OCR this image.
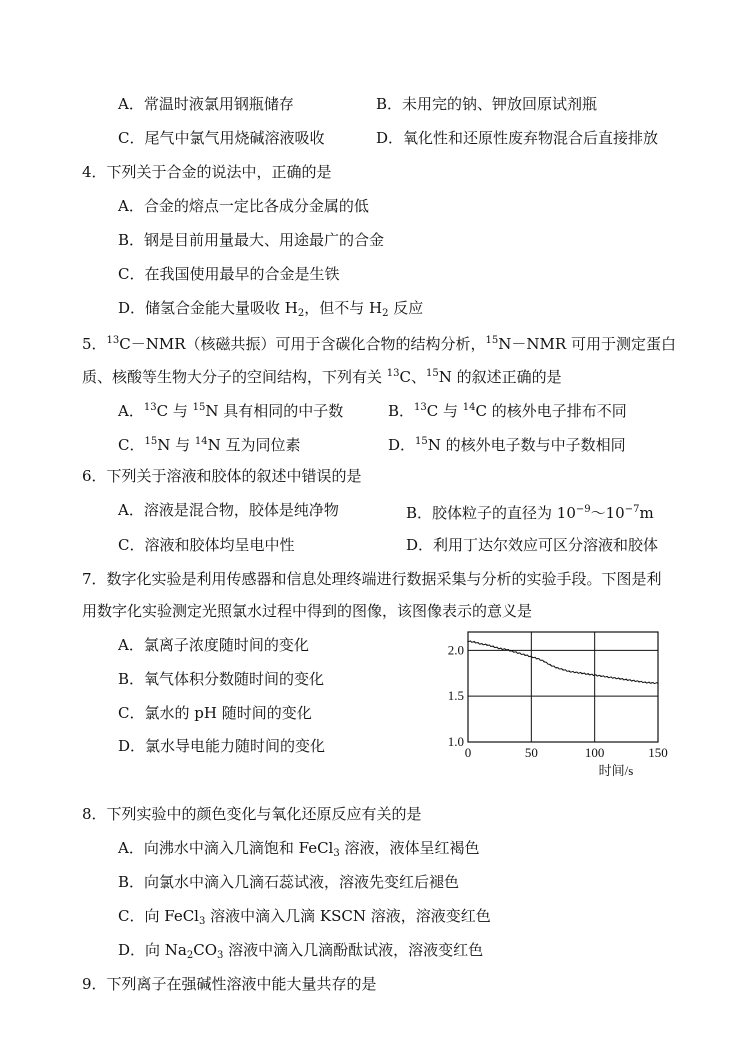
A．常温时液氯用钢瓶储存	B．未用完的钠、钾放回原试剂瓶
C．尾气中氯气用烧碱溶液吸收	D．氧化性和还原性废弃物混合后直接排放
4．下列关于合金的说法中，正确的是
A．合金的熔点一定比各成分金属的低
B．钢是目前用量最大、用途最广的合金
C．在我国使用最早的合金是生铁
D．储氢合金能大量吸收 $H_2$，但不与 $H_2$ 反应
5．$^{13}$C－NMR（核磁共振）可用于含碳化合物的结构分析，$^{15}$N－NMR 可用于测定蛋白
质、核酸等生物大分子的空间结构，下列有关 $^{13}$C、$^{15}$N 的叙述正确的是
A．$^{13}$C 与 $^{15}$N 具有相同的中子数	B．$^{13}$C 与 $^{14}$C 的核外电子排布不同
C．$^{15}$N 与 $^{14}$N 互为同位素	D．$^{15}$N 的核外电子数与中子数相同
6．下列关于溶液和胶体的叙述中错误的是
A．溶液是混合物，胶体是纯净物	B．胶体粒子的直径为 $10^{-9}\sim 10^{-7}m$
C．溶液和胶体均呈电中性	D．利用丁达尔效应可区分溶液和胶体
7．数字化实验是利用传感器和信息处理终端进行数据采集与分析的实验手段。下图是利
用数字化实验测定光照氯水过程中得到的图像，该图像表示的意义是
A．氯离子浓度随时间的变化
B．氧气体积分数随时间的变化
C．氯水的 pH 随时间的变化
D．氯水导电能力随时间的变化	0	50	100	150
1.0
1.5
2.0
时间/s
8．下列实验中的颜色变化与氧化还原反应有关的是
A．向沸水中滴入几滴饱和 FeCl$_3$ 溶液，液体呈红褐色
B．向氯水中滴入几滴石蕊试液，溶液先变红后褪色
C．向 FeCl$_3$ 溶液中滴入几滴 KSCN 溶液，溶液变红色
D．向 $Na_2CO_3$ 溶液中滴入几滴酚酞试液，溶液变红色
9．下列离子在强碱性溶液中能大量共存的是
